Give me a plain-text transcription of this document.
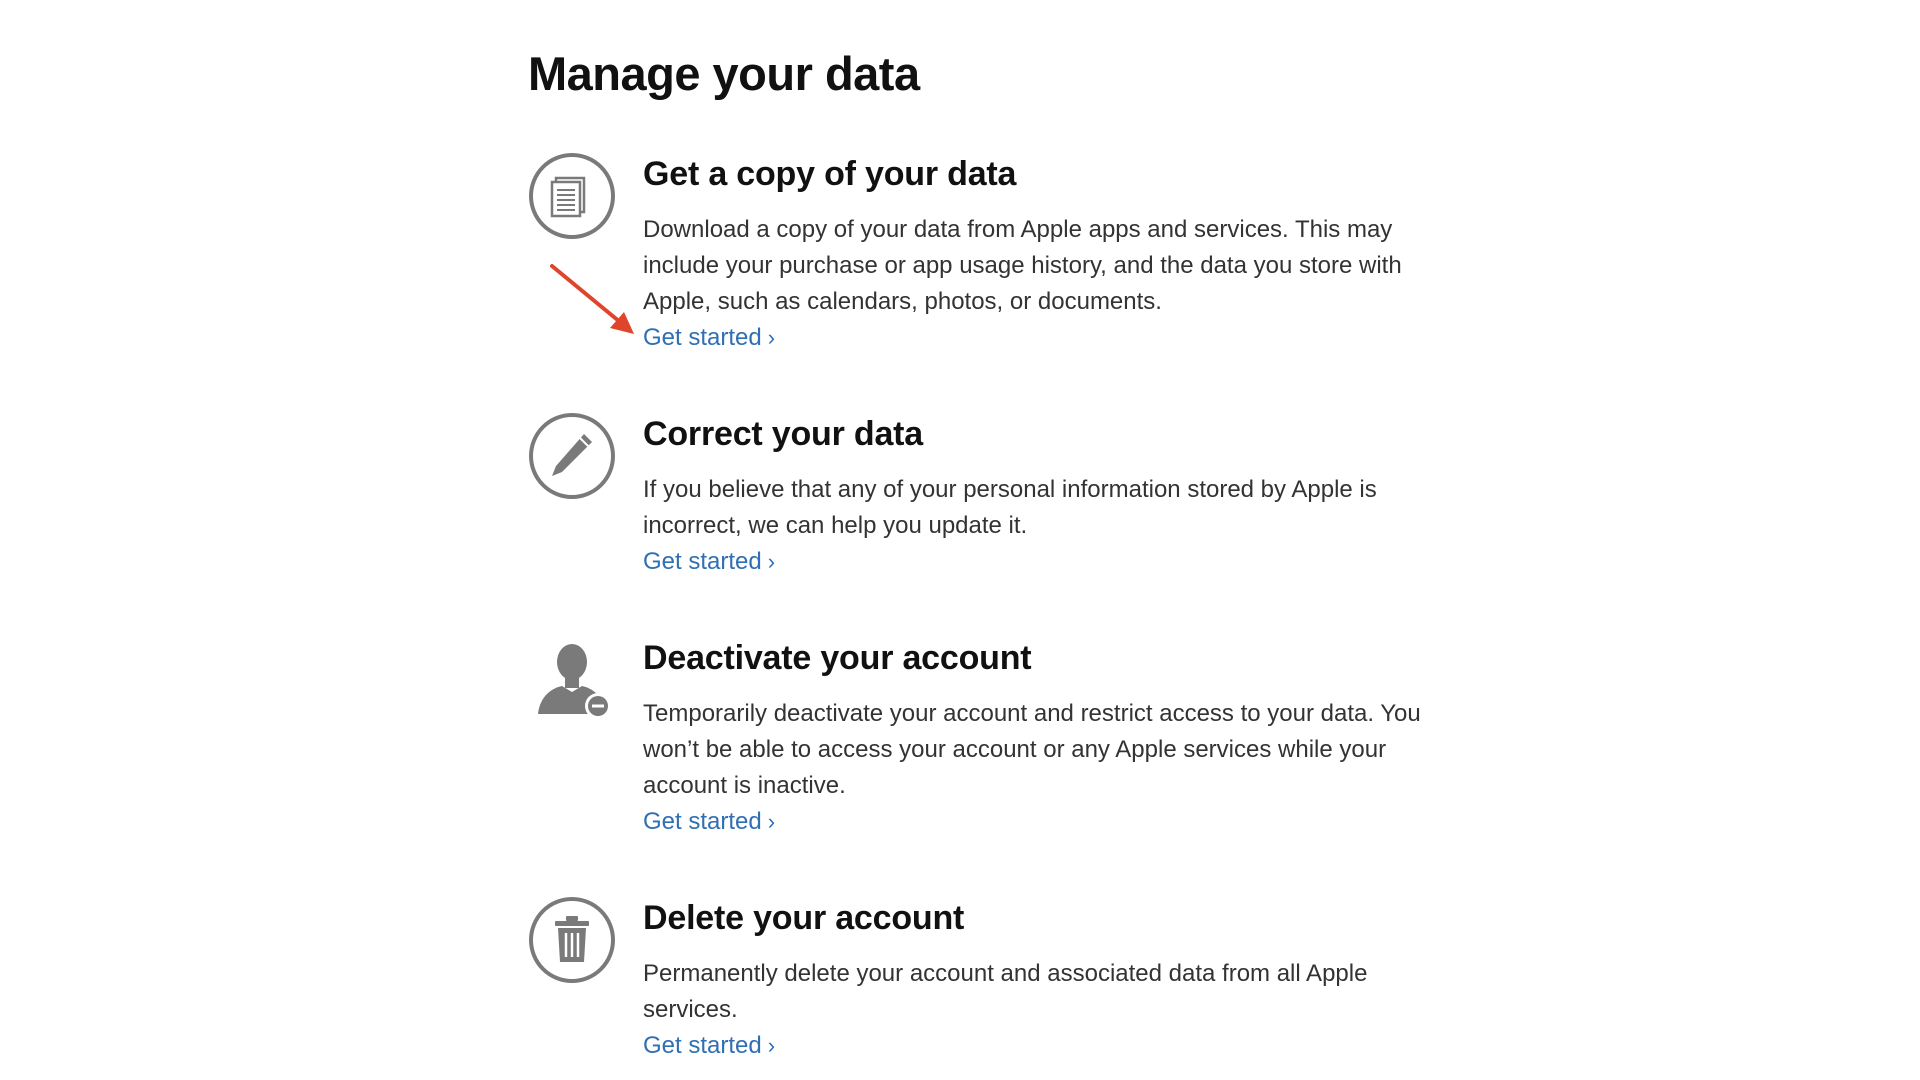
Manage your data
Get a copy of your data

Download a copy of your data from Apple apps and services. This may include your purchase or app usage history, and the data you store with Apple, such as calendars, photos, or documents.

Get started ›
Correct your data

If you believe that any of your personal information stored by Apple is incorrect, we can help you update it.

Get started ›
Deactivate your account

Temporarily deactivate your account and restrict access to your data. You won’t be able to access your account or any Apple services while your account is inactive.

Get started ›
Delete your account

Permanently delete your account and associated data from all Apple services.

Get started ›
